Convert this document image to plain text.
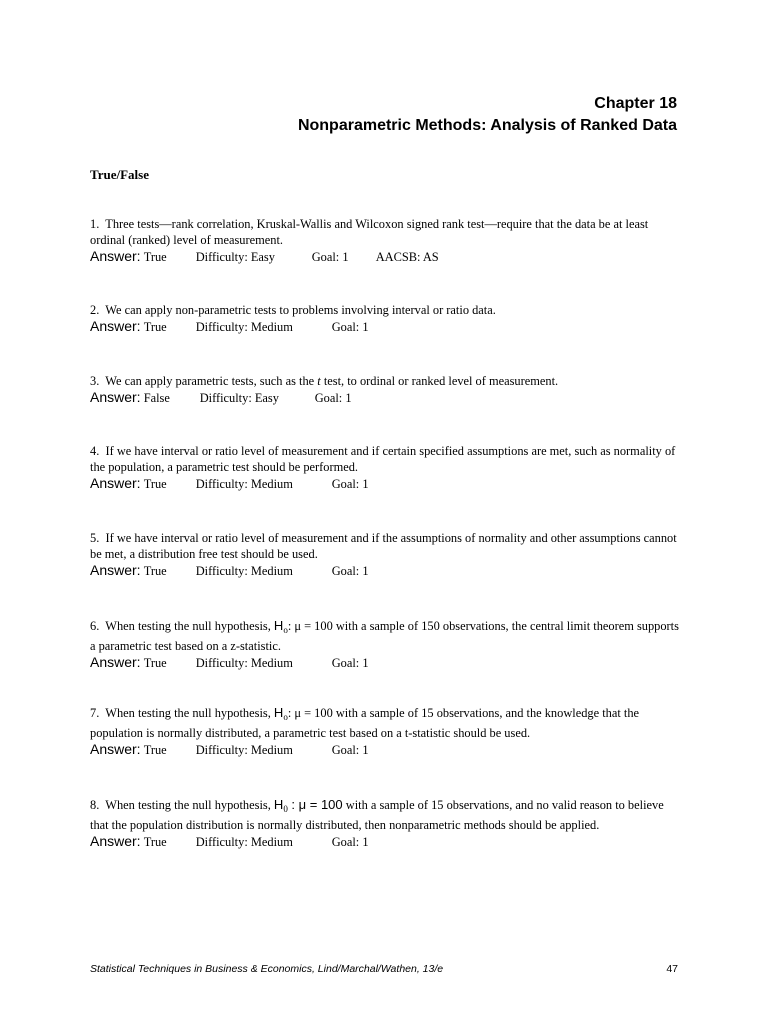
Chapter 18
Nonparametric Methods: Analysis of Ranked Data
True/False

1. Three tests—rank correlation, Kruskal-Wallis and Wilcoxon signed rank test—require that the data be at least ordinal (ranked) level of measurement.

Answer: True Difficulty: Easy	Goal: 1 AACSB: AS

2. We can apply non-parametric tests to problems involving interval or ratio data.

Answer: True Difficulty: Medium	Goal: 1

3. We can apply parametric tests, such as the t test, to ordinal or ranked level of measurement.

Answer: False Difficulty: Easy	Goal: 1

4. If we have interval or ratio level of measurement and if certain specified assumptions are met, such as normality of the population, a parametric test should be performed.

Answer: True Difficulty: Medium	Goal: 1

5. If we have interval or ratio level of measurement and if the assumptions of normality and other assumptions cannot be met, a distribution free test should be used.

Answer: True Difficulty: Medium	Goal: 1

6. When testing the null hypothesis, $H_o$: μ = 100 with a sample of 150 observations, the central limit theorem supports a parametric test based on a z-statistic.

Answer: True Difficulty: Medium	Goal: 1

7. When testing the null hypothesis, $H_o$: μ = 100 with a sample of 15 observations, and the knowledge that the population is normally distributed, a parametric test based on a t-statistic should be used.

Answer: True Difficulty: Medium	Goal: 1

8. When testing the null hypothesis, $H_0$ : μ = 100 with a sample of 15 observations, and no valid reason to believe that the population distribution is normally distributed, then nonparametric methods should be applied.

Answer: True Difficulty: Medium	Goal: 1

Statistical Techniques in Business & Economics, Lind/Marchal/Wathen, 13/e	47
